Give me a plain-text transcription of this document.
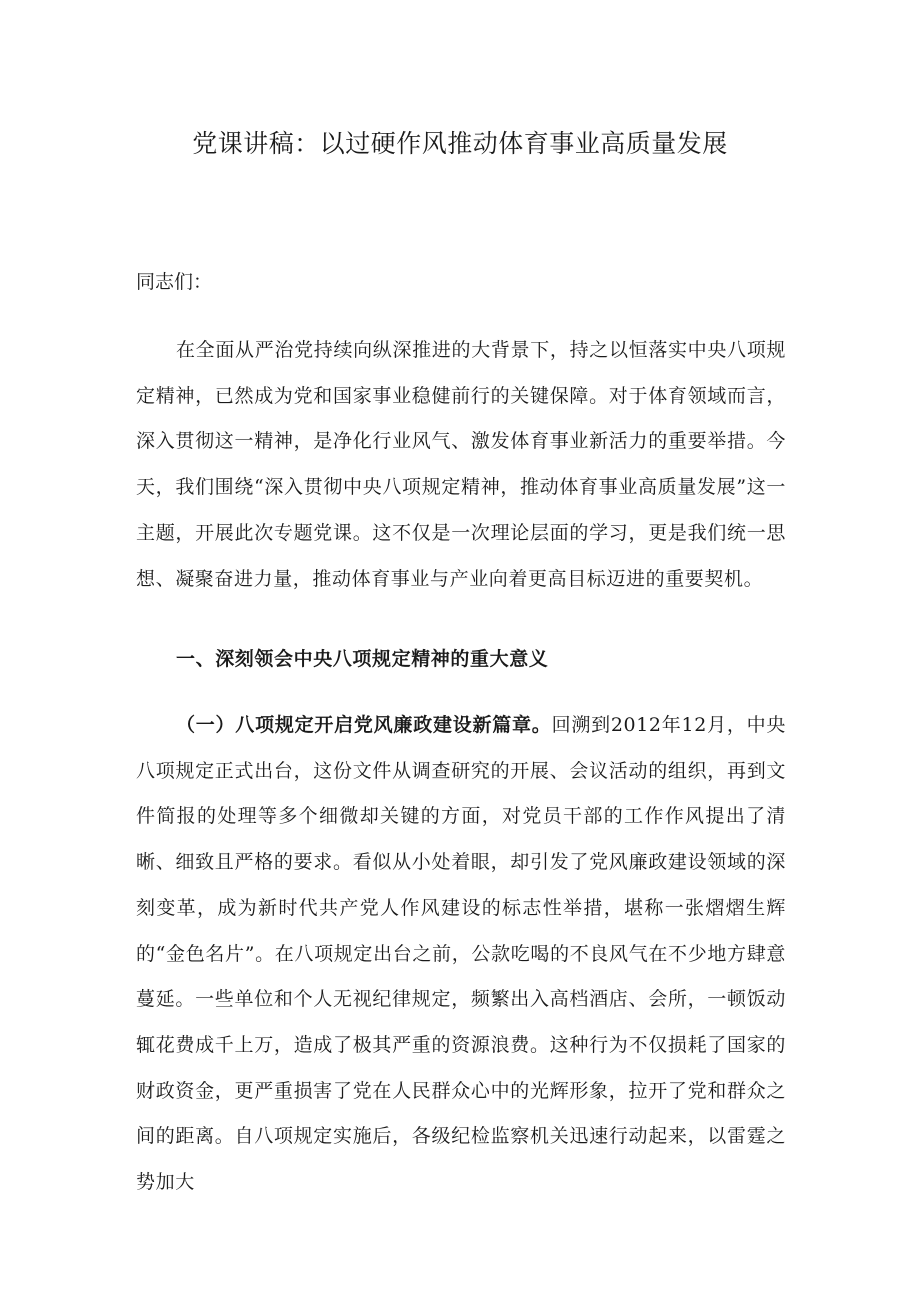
党课讲稿：以过硬作风推动体育事业高质量发展

同志们：

在全面从严治党持续向纵深推进的大背景下，持之以恒落实中央八项规定精神，已然成为党和国家事业稳健前行的关键保障。对于体育领域而言，深入贯彻这一精神，是净化行业风气、激发体育事业新活力的重要举措。今天，我们围绕“深入贯彻中央八项规定精神，推动体育事业高质量发展”这一主题，开展此次专题党课。这不仅是一次理论层面的学习，更是我们统一思想、凝聚奋进力量，推动体育事业与产业向着更高目标迈进的重要契机。

一、深刻领会中央八项规定精神的重大意义

（一）八项规定开启党风廉政建设新篇章。回溯到2012年12月，中央八项规定正式出台，这份文件从调查研究的开展、会议活动的组织，再到文件简报的处理等多个细微却关键的方面，对党员干部的工作作风提出了清晰、细致且严格的要求。看似从小处着眼，却引发了党风廉政建设领域的深刻变革，成为新时代共产党人作风建设的标志性举措，堪称一张熠熠生辉的“金色名片”。在八项规定出台之前，公款吃喝的不良风气在不少地方肆意蔓延。一些单位和个人无视纪律规定，频繁出入高档酒店、会所，一顿饭动辄花费成千上万，造成了极其严重的资源浪费。这种行为不仅损耗了国家的财政资金，更严重损害了党在人民群众心中的光辉形象，拉开了党和群众之间的距离。自八项规定实施后，各级纪检监察机关迅速行动起来，以雷霆之势加大
